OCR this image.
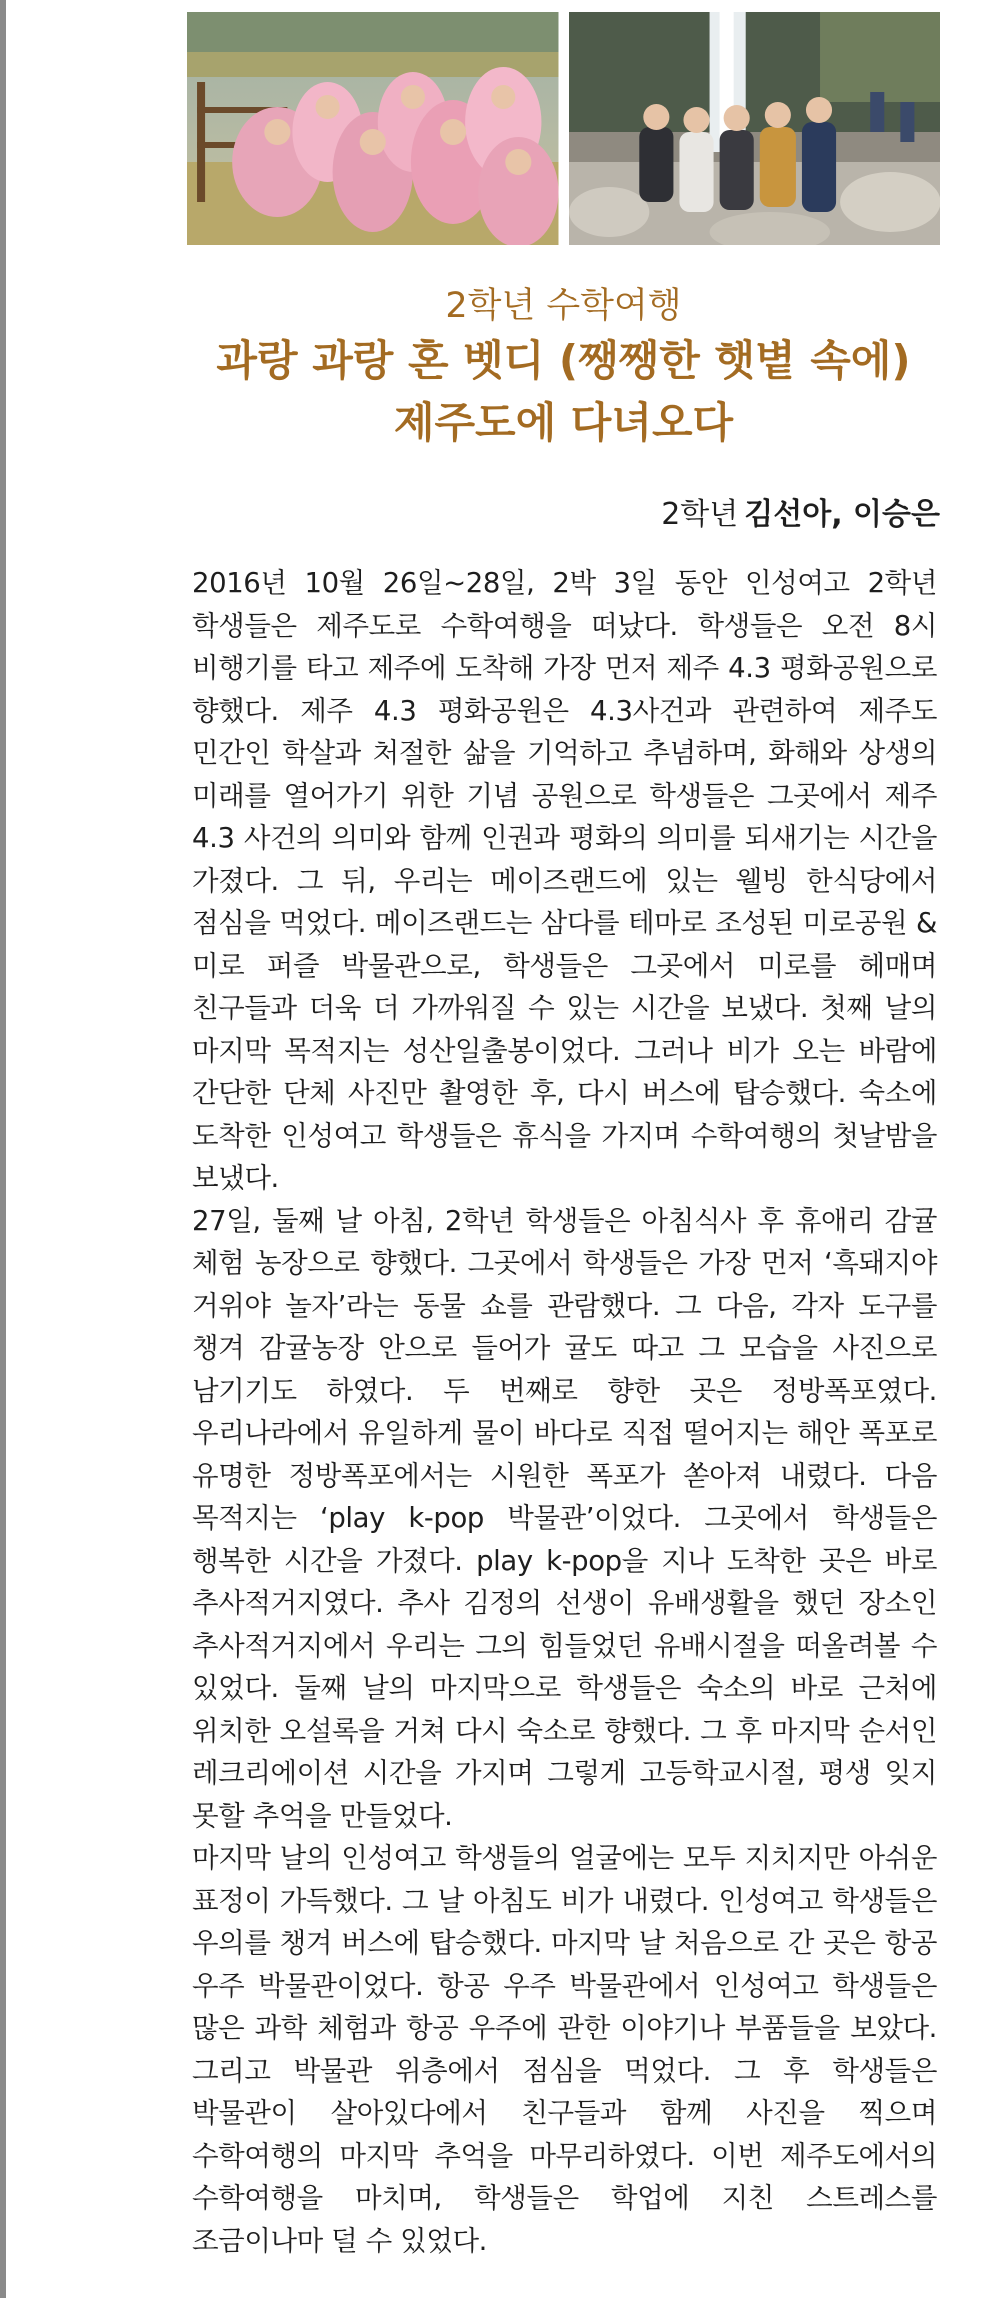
2학년 수학여행

과랑 과랑 혼 벳디 (쨍쨍한 햇볕 속에)

제주도에 다녀오다

2학년 김선아, 이승은

2016년 10월 26일~28일, 2박 3일 동안 인성여고 2학년 학생들은 제주도로 수학여행을 떠났다. 학생들은 오전 8시 비행기를 타고 제주에 도착해 가장 먼저 제주 4.3 평화공원으로 향했다. 제주 4.3 평화공원은 4.3사건과 관련하여 제주도 민간인 학살과 처절한 삶을 기억하고 추념하며, 화해와 상생의 미래를 열어가기 위한 기념 공원으로 학생들은 그곳에서 제주 4.3 사건의 의미와 함께 인권과 평화의 의미를 되새기는 시간을 가졌다. 그 뒤, 우리는 메이즈랜드에 있는 웰빙 한식당에서 점심을 먹었다. 메이즈랜드는 삼다를 테마로 조성된 미로공원 & 미로 퍼즐 박물관으로, 학생들은 그곳에서 미로를 헤매며 친구들과 더욱 더 가까워질 수 있는 시간을 보냈다. 첫째 날의 마지막 목적지는 성산일출봉이었다. 그러나 비가 오는 바람에 간단한 단체 사진만 촬영한 후, 다시 버스에 탑승했다. 숙소에 도착한 인성여고 학생들은 휴식을 가지며 수학여행의 첫날밤을 보냈다.

27일, 둘째 날 아침, 2학년 학생들은 아침식사 후 휴애리 감귤 체험 농장으로 향했다. 그곳에서 학생들은 가장 먼저 ‘흑돼지야 거위야 놀자’라는 동물 쇼를 관람했다. 그 다음, 각자 도구를 챙겨 감귤농장 안으로 들어가 귤도 따고 그 모습을 사진으로 남기기도 하였다. 두 번째로 향한 곳은 정방폭포였다. 우리나라에서 유일하게 물이 바다로 직접 떨어지는 해안 폭포로 유명한 정방폭포에서는 시원한 폭포가 쏟아져 내렸다. 다음 목적지는 ‘play k-pop 박물관’이었다. 그곳에서 학생들은 행복한 시간을 가졌다. play k-pop을 지나 도착한 곳은 바로 추사적거지였다. 추사 김정의 선생이 유배생활을 했던 장소인 추사적거지에서 우리는 그의 힘들었던 유배시절을 떠올려볼 수 있었다. 둘째 날의 마지막으로 학생들은 숙소의 바로 근처에 위치한 오설록을 거쳐 다시 숙소로 향했다. 그 후 마지막 순서인 레크리에이션 시간을 가지며 그렇게 고등학교시절, 평생 잊지 못할 추억을 만들었다.

마지막 날의 인성여고 학생들의 얼굴에는 모두 지치지만 아쉬운 표정이 가득했다. 그 날 아침도 비가 내렸다. 인성여고 학생들은 우의를 챙겨 버스에 탑승했다. 마지막 날 처음으로 간 곳은 항공 우주 박물관이었다. 항공 우주 박물관에서 인성여고 학생들은 많은 과학 체험과 항공 우주에 관한 이야기나 부품들을 보았다. 그리고 박물관 위층에서 점심을 먹었다. 그 후 학생들은 박물관이 살아있다에서 친구들과 함께 사진을 찍으며 수학여행의 마지막 추억을 마무리하였다. 이번 제주도에서의 수학여행을 마치며, 학생들은 학업에 지친 스트레스를 조금이나마 덜 수 있었다.
